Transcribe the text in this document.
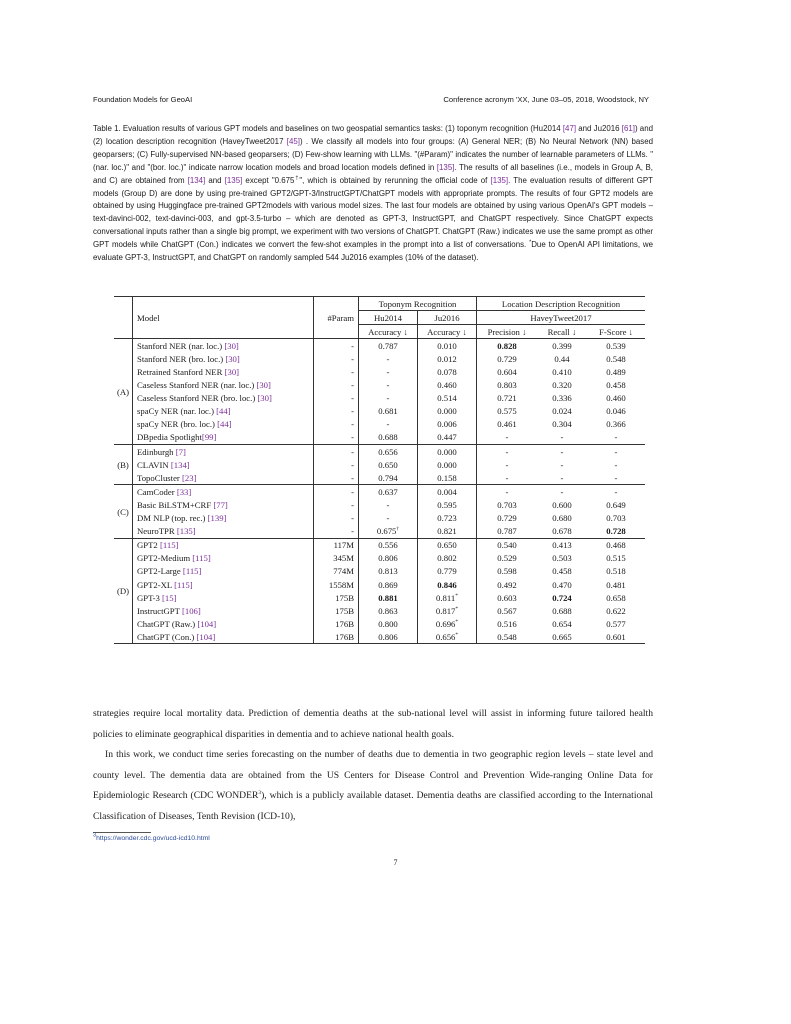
Foundation Models for GeoAI	Conference acronym 'XX, June 03–05, 2018, Woodstock, NY
Table 1. Evaluation results of various GPT models and baselines on two geospatial semantics tasks: (1) toponym recognition (Hu2014 [47] and Ju2016 [61]) and (2) location description recognition (HaveyTweet2017 [45]) . We classify all models into four groups: (A) General NER; (B) No Neural Network (NN) based geoparsers; (C) Fully-supervised NN-based geoparsers; (D) Few-show learning with LLMs. "(#Param)" indicates the number of learnable parameters of LLMs. "(nar. loc.)" and "(bor. loc.)" indicate narrow location models and broad location models defined in [135]. The results of all baselines (i.e., models in Group A, B, and C) are obtained from [134] and [135] except "0.675†", which is obtained by rerunning the official code of [135]. The evaluation results of different GPT models (Group D) are done by using pre-trained GPT2/GPT-3/InstructGPT/ChatGPT models with appropriate prompts. The results of four GPT2 models are obtained by using Huggingface pre-trained GPT2models with various model sizes. The last four models are obtained by using various OpenAI's GPT models – text-davinci-002, text-davinci-003, and gpt-3.5-turbo – which are denoted as GPT-3, InstructGPT, and ChatGPT respectively. Since ChatGPT expects conversational inputs rather than a single big prompt, we experiment with two versions of ChatGPT. ChatGPT (Raw.) indicates we use the same prompt as other GPT models while ChatGPT (Con.) indicates we convert the few-shot examples in the prompt into a list of conversations. *Due to OpenAI API limitations, we evaluate GPT-3, InstructGPT, and ChatGPT on randomly sampled 544 Ju2016 examples (10% of the dataset).
			Toponym Recognition		Location Description Recognition		
	Model	#Param	Hu2014	Ju2016	HaveyTweet2017		
			Accuracy ↓	Accuracy ↓	Precision ↓	Recall ↓	F-Score ↓
(A)	Stanford NER (nar. loc.) [30]	-	0.787	0.010	0.828	0.399	0.539
	Stanford NER (bro. loc.) [30]	-	-	0.012	0.729	0.44	0.548
	Retrained Stanford NER [30]	-	-	0.078	0.604	0.410	0.489
	Caseless Stanford NER (nar. loc.) [30]	-	-	0.460	0.803	0.320	0.458
	Caseless Stanford NER (bro. loc.) [30]	-	-	0.514	0.721	0.336	0.460
	spaCy NER (nar. loc.) [44]	-	0.681	0.000	0.575	0.024	0.046
	spaCy NER (bro. loc.) [44]	-	-	0.006	0.461	0.304	0.366
	DBpedia Spotlight[99]	-	0.688	0.447	-	-	-
(B)	Edinburgh [7]	-	0.656	0.000	-	-	-
	CLAVIN [134]	-	0.650	0.000	-	-	-
	TopoCluster [23]	-	0.794	0.158	-	-	-
(C)	CamCoder [33]	-	0.637	0.004	-	-	-
	Basic BiLSTM+CRF [77]	-	-	0.595	0.703	0.600	0.649
	DM NLP (top. rec.) [139]	-	-	0.723	0.729	0.680	0.703
	NeuroTPR [135]	-	0.675†	0.821	0.787	0.678	0.728
(D)	GPT2 [115]	117M	0.556	0.650	0.540	0.413	0.468
	GPT2-Medium [115]	345M	0.806	0.802	0.529	0.503	0.515
	GPT2-Large [115]	774M	0.813	0.779	0.598	0.458	0.518
	GPT2-XL [115]	1558M	0.869	0.846	0.492	0.470	0.481
	GPT-3 [15]	175B	0.881	0.811*	0.603	0.724	0.658
	InstructGPT [106]	175B	0.863	0.817*	0.567	0.688	0.622
	ChatGPT (Raw.) [104]	176B	0.800	0.696*	0.516	0.654	0.577
	ChatGPT (Con.) [104]	176B	0.806	0.656*	0.548	0.665	0.601
strategies require local mortality data. Prediction of dementia deaths at the sub-national level will assist in informing future tailored health policies to eliminate geographical disparities in dementia and to achieve national health goals.
In this work, we conduct time series forecasting on the number of deaths due to dementia in two geographic region levels – state level and county level. The dementia data are obtained from the US Centers for Disease Control and Prevention Wide-ranging Online Data for Epidemiologic Research (CDC WONDER$^3$), which is a publicly available dataset. Dementia deaths are classified according to the International Classification of Diseases, Tenth Revision (ICD-10),
$^3$https://wonder.cdc.gov/ucd-icd10.html
7
